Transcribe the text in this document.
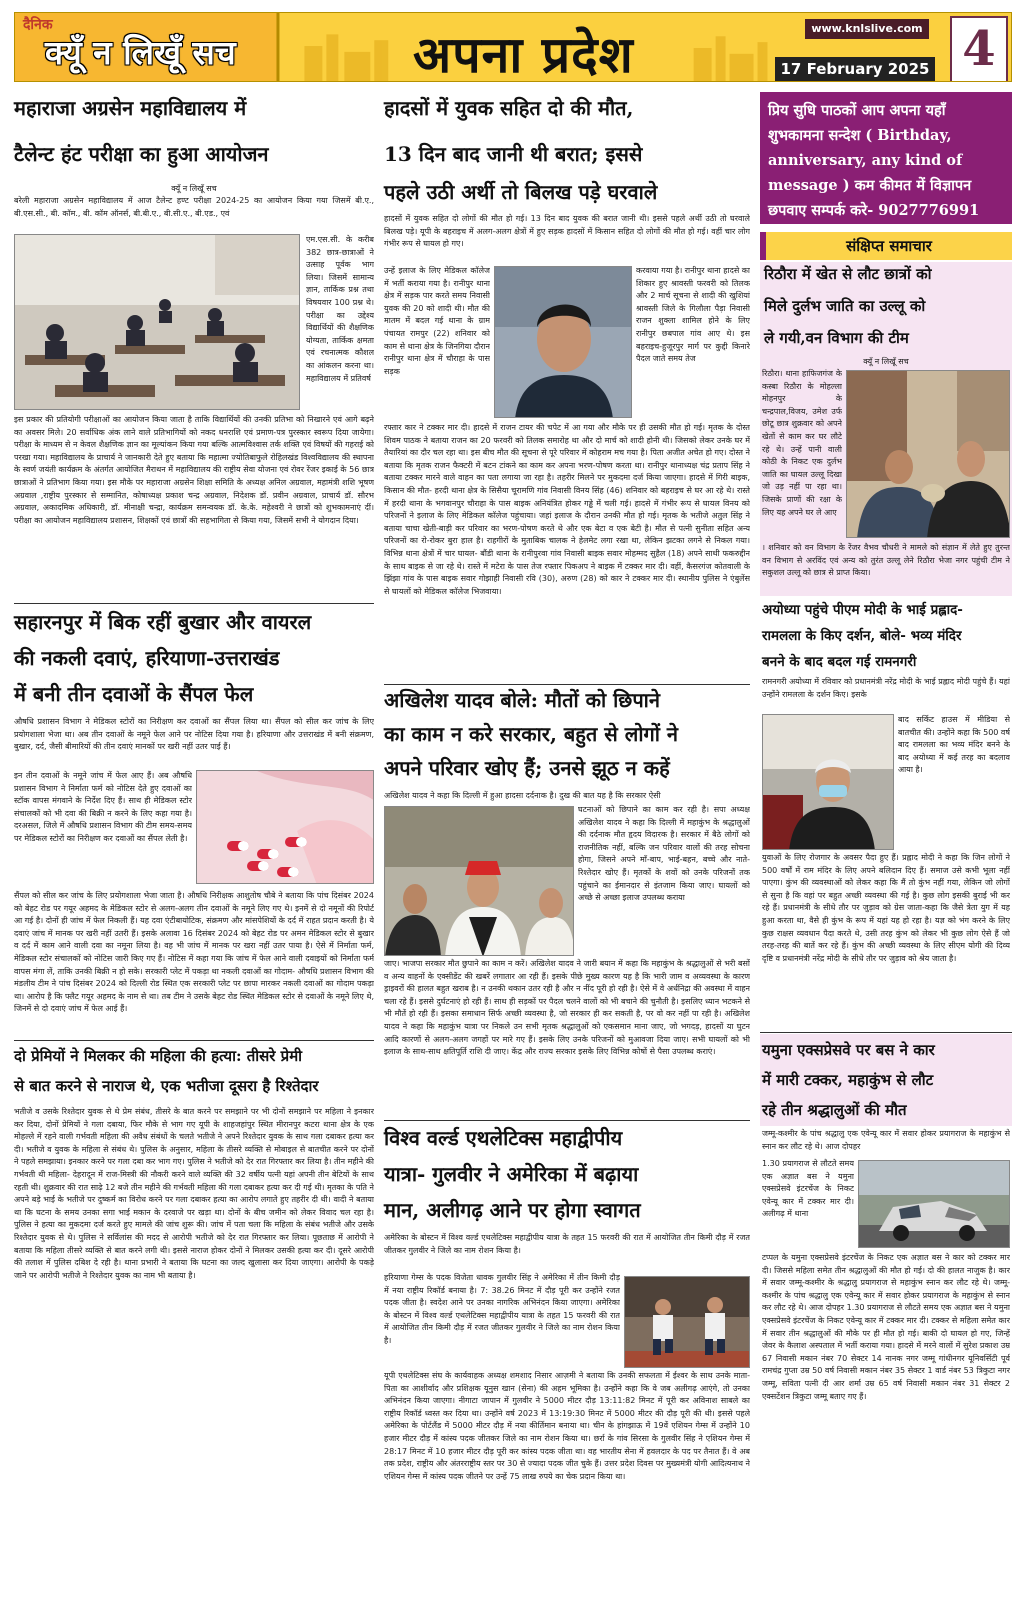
दैनिक
क्यूँ न लिखूँ सच	अपना प्रदेश	www.knlslive.com
17 February 2025 4
महाराजा अग्रसेन महाविद्यालय में
टैलेन्ट हंट परीक्षा का हुआ आयोजन
क्यूँ न लिखूँ सच
बरेली महाराजा अग्रसेन महाविद्यालय में आज टैलेन्ट हण्ट परीक्षा 2024-25 का आयोजन किया गया जिसमें बी.ए., बी.एस.सी., बी. कॉम., बी. कॉम ऑनर्स, बी.बी.ए., बी.सी.ए., बी.एड., एवं
एम.एस.सी. के करीब 382 छात्र-छात्राओं ने उत्साह पूर्वक भाग लिया। जिसमें सामान्य ज्ञान, तार्किक प्रश्न तथा विषयवार 100 प्रश्न थे। परीक्षा का उद्देश्य विद्यार्थियों की शैक्षणिक योग्यता, तार्किक क्षमता एवं रचनात्मक कौशल का आंकलन करना था। महाविद्यालय में प्रतिवर्ष
इस प्रकार की प्रतियोगी परीक्षाओं का आयोजन किया जाता है ताकि विद्यार्थियों की उनकी प्रतिभा को निखारने एवं आगे बढ़ने का अवसर मिले। 20 सर्वाधिक अंक लाने वाले प्रतिभागियों को नकद धनराशि एवं प्रमाण-पत्र पुरस्कार स्वरूप दिया जायेगा। परीक्षा के माध्यम से न केवल शैक्षणिक ज्ञान का मूल्यांकन किया गया बल्कि आत्मविश्वास तर्क शक्ति एवं विषयों की गहराई को परखा गया। महाविद्यालय के प्राचार्य ने जानकारी देते हुए बताया कि महात्मा ज्योतिबाफुले रोहिलखंड विश्वविद्यालय की स्थापना के स्वर्ण जयंती कार्यक्रम के अंतर्गत आयोजित मैराथन में महाविद्यालय की राष्ट्रीय सेवा योजना एवं रोवर रेंजर इकाई के 56 छात्र छात्राओं ने प्रतिभाग किया गया। इस मौके पर महाराजा अग्रसेन शिक्षा समिति के अध्यक्ष अनिल अग्रवाल, महामंत्री शशि भूषण अग्रवाल ,राष्ट्रीय पुरस्कार से सम्मानित, कोषाध्यक्ष प्रकाश चन्द्र अग्रवाल, निदेशक डॉ. प्रवीन अग्रवाल, प्राचार्य डॉ. सौरभ अग्रवाल, अकादमिक अधिकारी, डॉ. मीनाक्षी चन्द्रा, कार्यक्रम समन्वयक डॉ. के.के. महेश्वरी ने छात्रों को शुभकामनाएं दीं। परीक्षा का आयोजन महाविद्यालय प्रशासन, शिक्षकों एवं छात्रों की सहभागिता से किया गया, जिसमें सभी ने योगदान दिया।
सहारनपुर में बिक रहीं बुखार और वायरल
की नकली दवाएं, हरियाणा-उत्तराखंड
में बनी तीन दवाओं के सैंपल फेल
औषधि प्रशासन विभाग ने मेडिकल स्टोरों का निरीक्षण कर दवाओं का सैंपल लिया था। सैंपल को सील कर जांच के लिए प्रयोगशाला भेजा था। अब तीन दवाओं के नमूने फेल आने पर नोटिस दिया गया है। हरियाणा और उत्तराखंड में बनी संक्रमण, बुखार, दर्द, जैसी बीमारियों की तीन दवाएं मानकों पर खरी नहीं उतर पाई हैं।
इन तीन दवाओं के नमूने जांच में फेल आए हैं। अब औषधि प्रशासन विभाग ने निर्माता फर्म को नोटिस देते हुए दवाओं का स्टॉक वापस मंगवाने के निर्देश दिए हैं। साथ ही मेडिकल स्टोर संचालकों को भी दवा की बिक्री न करने के लिए कहा गया है। दरअसल, जिले में औषधि प्रशासन विभाग की टीम समय-समय पर मेडिकल स्टोरों का निरीक्षण कर दवाओं का सैंपल लेती है।
सैंपल को सील कर जांच के लिए प्रयोगशाला भेजा जाता है। औषधि निरीक्षक आशुतोष चौबे ने बताया कि पांच दिसंबर 2024 को बेहट रोड पर गयूर अहमद के मेडिकल स्टोर से अलग-अलग तीन दवाओं के नमूने लिए गए थे। इनमें से दो नमूनों की रिपोर्ट आ गई है। दोनों ही जांच में फेल निकली हैं। यह दवा एंटीबायोटिक, संक्रमण और मांसपेशियों के दर्द में राहत प्रदान करती है। ये दवाएं जांच में मानक पर खरी नहीं उतरी हैं। इसके अलावा 16 दिसंबर 2024 को बेहट रोड पर अमन मेडिकल स्टोर से बुखार व दर्द में काम आने वाली दवा का नमूना लिया है। वह भी जांच में मानक पर खरा नहीं उतर पाया है। ऐसे में निर्माता फर्म, मेडिकल स्टोर संचालकों को नोटिस जारी किए गए हैं। नोटिस में कहा गया कि जांच में फेल आने वाली दवाइयों को निर्माता फर्म वापस मंगा लें, ताकि उनकी बिक्री न हो सके। सरकारी प्लेट में पकड़ा था नकली दवाओं का गोदाम- औषधि प्रशासन विभाग की मंडलीय टीम ने पांच दिसंबर 2024 को दिल्ली रोड स्थित एक सरकारी प्लेट पर छापा मारकर नकली दवाओं का गोदाम पकड़ा था। आरोप है कि फ्लैट गयूर अहमद के नाम से था। तब टीम ने उसके बेहट रोड स्थित मेडिकल स्टोर से दवाओं के नमूने लिए थे, जिनमें से दो दवाएं जांच में फेल आई हैं।
दो प्रेमियों ने मिलकर की महिला की हत्या: तीसरे प्रेमी
से बात करने से नाराज थे, एक भतीजा दूसरा है रिश्तेदार
भतीजे व उसके रिश्तेदार युवक से थे प्रेम संबंध, तीसरे के बात करने पर समझाने पर भी दोनों समझाने पर महिला ने इनकार कर दिया, दोनों प्रेमियों ने गला दबाया, फिर मौके से भाग गए यूपी के शाहजहांपुर स्थित मीरानपुर कटरा थाना क्षेत्र के एक मोहल्ले में रहने वाली गर्भवती महिला की अवैध संबंधों के चलते भतीजे ने अपने रिश्तेदार युवक के साथ गला दबाकर हत्या कर दी। भतीजे व युवक के महिला से संबंध थे। पुलिस के अनुसार, महिला के तीसरे व्यक्ति से मोबाइल से बातचीत करने पर दोनों ने पहले समझाया। इनकार करने पर गला दबा कर भाग गए। पुलिस ने भतीजे को देर रात गिरफ्तार कर लिया है। तीन महीने की गर्भवती थी महिला- देहरादून में राज-मिस्त्री की नौकरी करने वाले व्यक्ति की 32 वर्षीय पत्नी यहां अपनी तीन बेटियों के साथ रहती थी। शुक्रवार की रात साढ़े 12 बजे तीन महीने की गर्भवती महिला की गला दबाकर हत्या कर दी गई थी। मृतका के पति ने अपने बड़े भाई के भतीजे पर दुष्कर्म का विरोध करने पर गला दबाकर हत्या का आरोप लगाते हुए तहरीर दी थी। वादी ने बताया था कि घटना के समय उनका सगा भाई मकान के दरवाजे पर खड़ा था। दोनों के बीच जमीन को लेकर विवाद चल रहा है। पुलिस ने हत्या का मुकदमा दर्ज करते हुए मामले की जांच शुरू की। जांच में पता चला कि महिला के संबंध भतीजे और उसके रिश्तेदार युवक से थे। पुलिस ने सर्विलांस की मदद से आरोपी भतीजे को देर रात गिरफ्तार कर लिया। पूछताछ में आरोपी ने बताया कि महिला तीसरे व्यक्ति से बात करने लगी थी। इससे नाराज होकर दोनों ने मिलकर उसकी हत्या कर दी। दूसरे आरोपी की तलाश में पुलिस दबिश दे रही है। थाना प्रभारी ने बताया कि घटना का जल्द खुलासा कर दिया जाएगा। आरोपी के पकड़े जाने पर आरोपी भतीजे ने रिश्तेदार युवक का नाम भी बताया है।
हादसों में युवक सहित दो की मौत,
13 दिन बाद जानी थी बरात; इससे
पहले उठी अर्थी तो बिलख पड़े घरवाले
हादसों में युवक सहित दो लोगों की मौत हो गई। 13 दिन बाद युवक की बरात जानी थी। इससे पहले अर्थी उठी तो घरवाले बिलख पड़े। यूपी के बहराइच में अलग-अलग क्षेत्रों में हुए सड़क हादसों में किसान सहित दो लोगों की मौत हो गई। वहीं चार लोग गंभीर रूप से घायल हो गए।
उन्हें इलाज के लिए मेडिकल कॉलेज में भर्ती कराया गया है। रानीपुर थाना क्षेत्र में सड़क पार करते समय निवासी युवक की 20 को शादी थी। मौत की मातम में बदल गई थाना के ग्राम पंचायत रामपुर (22) शनिवार को काम से थाना क्षेत्र के जिनगिया दौरान रानीपुर थाना क्षेत्र में चौराहा के पास सड़क
करवाया गया है। रानीपुर थाना हादसे का शिकार हुए श्रावस्ती फरवरी को तिलक और 2 मार्च सूचना से शादी की खुशियां श्रावस्ती जिले के गिलौला पैड़ा निवासी राजन शुक्ला शामिल होने के लिए रानीपुर छबपाल गांव आए थे। इस बहराइच-हुजूरपुर मार्ग पर कुद्दी किनारे पैदल जाते समय तेज
रफ्तार कार ने टक्कर मार दी। हादसे में राजन टायर की चपेट में आ गया और मौके पर ही उसकी मौत हो गई। मृतक के दोस्त शिवम पाठक ने बताया राजन का 20 फरवरी को तिलक समारोह था और दो मार्च को शादी होनी थी। जिसको लेकर उनके घर में तैयारियां का दौर चल रहा था। इस बीच मौत की सूचना से पूरे परिवार में कोहराम मच गया है। पिता अजीत अचेत हो गए। दोस्त ने बताया कि मृतक राजन फैक्टरी में बटन टांकने का काम कर अपना भरण-पोषण करता था। रानीपुर थानाध्यक्ष चंद्र प्रताप सिंह ने बताया टक्कर मारने वाले वाहन का पता लगाया जा रहा है। तहरीर मिलने पर मुकदमा दर्ज किया जाएगा। हादसे में गिरी बाइक, किसान की मौत- हरदी थाना क्षेत्र के सिसैया चूरामणि गांव निवासी विनय सिंह (46) शनिवार को बहराइच से घर आ रहे थे। रास्ते में हरदी थाना के भगवानपुर चौराहा के पास बाइक अनियंत्रित होकर गड्ढे में चली गई। हादसे में गंभीर रूप से घायल विनय को परिजनों ने इलाज के लिए मेडिकल कॉलेज पहुंचाया। जहां इलाज के दौरान उनकी मौत हो गई। मृतक के भतीजे अतुल सिंह ने बताया चाचा खेती-बाड़ी कर परिवार का भरण-पोषण करते थे और एक बेटा व एक बेटी है। मौत से पत्नी सुनीता सहित अन्य परिजनों का रो-रोकर बुरा हाल है। राहगीरों के मुताबिक चालक ने हेलमेट लगा रखा था, लेकिन झटका लगने से निकल गया। विभिन्न थाना क्षेत्रों में चार घायल- बौंडी थाना के रानीपुरवा गांव निवासी बाइक सवार मोहम्मद सुहैल (18) अपने साथी फकरुद्दीन के साथ बाइक से जा रहे थे। रास्ते में मटेरा के पास तेज रफ्तार पिकअप ने बाइक में टक्कर मार दी। वहीं, कैसरगंज कोतवाली के झिंझा गांव के पास बाइक सवार गोझाही निवासी रवि (30), अरुण (28) को कार ने टक्कर मार दी। स्थानीय पुलिस ने एंबुलेंस से घायलों को मेडिकल कॉलेज भिजवाया।
अखिलेश यादव बोले: मौतों को छिपाने
का काम न करे सरकार, बहुत से लोगों ने
अपने परिवार खोए हैं; उनसे झूठ न कहें
अखिलेश यादव ने कहा कि दिल्ली में हुआ हादसा दर्दनाक है। दुख की बात यह है कि सरकार ऐसी
घटनाओं को छिपाने का काम कर रही है। सपा अध्यक्ष अखिलेश यादव ने कहा कि दिल्ली में महाकुंभ के श्रद्धालुओं की दर्दनाक मौत हृदय विदारक है। सरकार में बैठे लोगों को राजनीतिक नहीं, बल्कि जन परिवार वालों की तरह सोचना होगा, जिसने अपने माँ-बाप, भाई-बहन, बच्चे और नाते-रिश्तेदार खोए हैं। मृतकों के शवों को उनके परिजनों तक पहुंचाने का ईमानदार से इंतजाम किया जाए। घायलों को अच्छे से अच्छा इलाज उपलब्ध कराया
जाए। भाजपा सरकार मौत छुपाने का काम न करें। अखिलेश यादव ने जारी बयान में कहा कि महाकुंभ के श्रद्धालुओं से भरी बसों व अन्य वाहनों के एक्सीडेंट की खबरें लगातार आ रही हैं। इसके पीछे मुख्य कारण यह है कि भारी जाम व अव्यवस्था के कारण ड्राइवरों की हालत बहुत खराब है। न उनकी थकान उतर रही है और न नींद पूरी हो रही है। ऐसे में वे अर्धनिद्रा की अवस्था में वाहन चला रहे हैं। इससे दुर्घटनाएं हो रही हैं। साथ ही सड़कों पर पैदल चलने वालों को भी बचाने की चुनौती है। इसलिए ध्यान भटकने से भी मौतें हो रही हैं। इसका समाधान सिर्फ अच्छी व्यवस्था है, जो सरकार ही कर सकती है, पर वो कर नहीं पा रही है। अखिलेश यादव ने कहा कि महाकुंभ यात्रा पर निकले उन सभी मृतक श्रद्धालुओं को एकसमान माना जाए, जो भगदड़, हादसों या घुटन आदि कारणों से अलग-अलग जगहों पर मारे गए हैं। इसके लिए उनके परिजनों को मुआवजा दिया जाए। सभी घायलों को भी इलाज के साथ-साथ क्षतिपूर्ति राशि दी जाए। केंद्र और राज्य सरकार इसके लिए विभिन्न कोषों से पैसा उपलब्ध कराएं।
विश्व वर्ल्ड एथलेटिक्स महाद्वीपीय
यात्रा- गुलवीर ने अमेरिका में बढ़ाया
मान, अलीगढ़ आने पर होगा स्वागत
अमेरिका के बोस्टन में विश्व वर्ल्ड एथलेटिक्स महाद्वीपीय यात्रा के तहत 15 फरवरी की रात में आयोजित तीन किमी दौड़ में रजत जीतकर गुलवीर ने जिले का नाम रोशन किया है।
हरियाणा गेम्स के पदक विजेता धावक गुलवीर सिंह ने अमेरिका में तीन किमी दौड़ में नया राष्ट्रीय रिकॉर्ड बनाया है। 7: 38.26 मिनट में दौड़ पूरी कर उन्होंने रजत पदक जीता है। स्वदेश आने पर उनका नागरिक अभिनंदन किया जाएगा। अमेरिका के बोस्टन में विश्व वर्ल्ड एथलेटिक्स महाद्वीपीय यात्रा के तहत 15 फरवरी की रात में आयोजित तीन किमी दौड़ में रजत जीतकर गुलवीर ने जिले का नाम रोशन किया है।
यूपी एथलेटिक्स संघ के कार्यवाहक अध्यक्ष शमशाद निसार आज़मी ने बताया कि उनकी सफलता में ईश्वर के साथ उनके माता-पिता का आशीर्वाद और प्रशिक्षक यूनुस खान (सेना) की अहम भूमिका है। उन्होंने कहा कि वे जब अलीगढ़ आएंगे, तो उनका अभिनंदन किया जाएगा। नीगाटा जापान में गुलवीर ने 5000 मीटर दौड़ 13:11:82 मिनट में पूरी कर अविनाश साबले का राष्ट्रीय रिकॉर्ड ध्वस्त कर दिया था। उन्होंने वर्ष 2023 में 13:19:30 मिनट में 5000 मीटर की दौड़ पूरी की थी। इससे पहले अमेरिका के पोर्टलैंड में 5000 मीटर दौड़ में नया कीर्तिमान बनाया था। चीन के हांगझाऊ में 19वें एशियन गेम्स में उन्होंने 10 हजार मीटर दौड़ में कांस्य पदक जीतकर जिले का नाम रोशन किया था। छर्रा के गांव सिरसा के गुलवीर सिंह ने एशियन गेम्स में 28:17 मिनट में 10 हजार मीटर दौड़ पूरी कर कांस्य पदक जीता था। वह भारतीय सेना में हवलदार के पद पर तैनात हैं। वे अब तक प्रदेश, राष्ट्रीय और अंतरराष्ट्रीय स्तर पर 30 से ज्यादा पदक जीत चुके हैं। उत्तर प्रदेश दिवस पर मुख्यमंत्री योगी आदित्यनाथ ने एशियन गेम्स में कांस्य पदक जीतने पर उन्हें 75 लाख रुपये का चेक प्रदान किया था।
प्रिय सुधि पाठकों आप अपना यहाँ शुभकामना सन्देश ( Birthday, anniversary, any kind of message ) कम कीमत में विज्ञापन छपवाए सम्पर्क करे- 9027776991
संक्षिप्त समाचार
रिठौरा में खेत से लौट छात्रों को
मिले दुर्लभ जाति का उल्लू को
ले गयी,वन विभाग की टीम
क्यूँ न लिखूँ सच
रिठौरा। थाना हाफिजगंज के कस्बा रिठौरा के मोहल्ला मोहनपुर के चन्द्रपाल,विजय, उमेश उर्फ छोटू छात्र शुक्रवार को अपने खेतों से काम कर घर लौटे रहे थे। उन्हें पानी वाली कोठी के निकट एक दुर्लभ जाति का घायल उल्लू दिखा जो उड़ नहीं पा रहा था। जिसके प्राणों की रक्षा के लिए यह अपने घर ले आए
। शनिवार को वन विभाग के रेंजर वैभव चौधरी ने मामले को संज्ञान में लेते हुए तुरन्त वन विभाग से अरविंद एवं अन्य को तुरंत उल्लू लेने रिठौरा भेजा नगर पहुंची टीम ने सकुशल उल्लू को छात्र से प्राप्त किया।
अयोध्या पहुंचे पीएम मोदी के भाई प्रह्लाद-
रामलला के किए दर्शन, बोले- भव्य मंदिर
बनने के बाद बदल गई रामनगरी
रामनगरी अयोध्या में रविवार को प्रधानमंत्री नरेंद्र मोदी के भाई प्रह्लाद मोदी पहुंचे हैं। यहां उन्होंने रामलला के दर्शन किए। इसके
बाद सर्किट हाउस में मीडिया से बातचीत की। उन्होंने कहा कि 500 वर्ष बाद रामलला का भव्य मंदिर बनने के बाद अयोध्या में कई तरह का बदलाव आया है।
युवाओं के लिए रोजगार के अवसर पैदा हुए हैं। प्रह्लाद मोदी ने कहा कि जिन लोगों ने 500 वर्षों में राम मंदिर के लिए अपने बलिदान दिए हैं। समाज उसे कभी भूला नहीं पाएगा। कुंभ की व्यवस्थाओं को लेकर कहा कि मैं तो कुंभ नहीं गया, लेकिन जो लोगों से सुना है कि वहां पर बहुत अच्छी व्यवस्था की गई है। कुछ लोग इसकी बुराई भी कर रहे हैं। प्रधानमंत्री के सीधे तौर पर जुड़ाव को ग्रेस जाता-कहा कि जैसे त्रेता युग में यह हुआ करता था, वैसे ही कुंभ के रूप में यहां यह हो रहा है। यज्ञ को भंग करने के लिए कुछ राक्षस व्यवधान पैदा करते थे, उसी तरह कुंभ को लेकर भी कुछ लोग ऐसे हैं जो तरह-तरह की बातें कर रहे हैं। कुंभ की अच्छी व्यवस्था के लिए सीएम योगी की दिव्य दृष्टि व प्रधानमंत्री नरेंद्र मोदी के सीधे तौर पर जुड़ाव को श्रेय जाता है।
यमुना एक्सप्रेसवे पर बस ने कार
में मारी टक्कर, महाकुंभ से लौट
रहे तीन श्रद्धालुओं की मौत
जम्मू-कश्मीर के पांच श्रद्धालु एक एवेन्यू कार में सवार होकर प्रयागराज के महाकुंभ से स्नान कर लौट रहे थे। आज दोपहर
1.30 प्रयागराज से लौटते समय एक अज्ञात बस ने यमुना एक्सप्रेसवे इंटरचेंज के निकट एवेन्यू कार में टक्कर मार दी। अलीगढ़ में थाना
टप्पल के यमुना एक्सप्रेसवे इंटरचेंज के निकट एक अज्ञात बस ने कार को टक्कर मार दी। जिससे महिला समेत तीन श्रद्धालुओं की मौत हो गई। दो की हालत नाजुक है। कार में सवार जम्मू-कश्मीर के श्रद्धालु प्रयागराज से महाकुंभ स्नान कर लौट रहे थे। जम्मू-कश्मीर के पांच श्रद्धालु एक एवेन्यू कार में सवार होकर प्रयागराज के महाकुंभ से स्नान कर लौट रहे थे। आज दोपहर 1.30 प्रयागराज से लौटते समय एक अज्ञात बस ने यमुना एक्सप्रेसवे इंटरचेंज के निकट एवेन्यू कार में टक्कर मार दी। टक्कर से महिला समेत कार में सवार तीन श्रद्धालुओं की मौके पर ही मौत हो गई। बाकी दो घायल हो गए, जिन्हें जेवर के कैलाश अस्पताल में भर्ती कराया गया। हादसे में मरने वालों में सुरेश प्रकाश उम्र 67 निवासी मकान नंबर 70 सेक्टर 14 नानक नगर जम्मू गांधीनगर यूनिवर्सिटी पूर्व रामचंद्र गुप्ता उम्र 50 वर्ष निवासी मकान नंबर 35 सेक्टर 1 वार्ड नंबर 53 त्रिकुटा नगर जम्मू, सविता पत्नी दी आर शर्मा उम्र 65 वर्ष निवासी मकान नंबर 31 सेक्टर 2 एक्सटेंशन त्रिकुटा जम्मू बताए गए हैं।
